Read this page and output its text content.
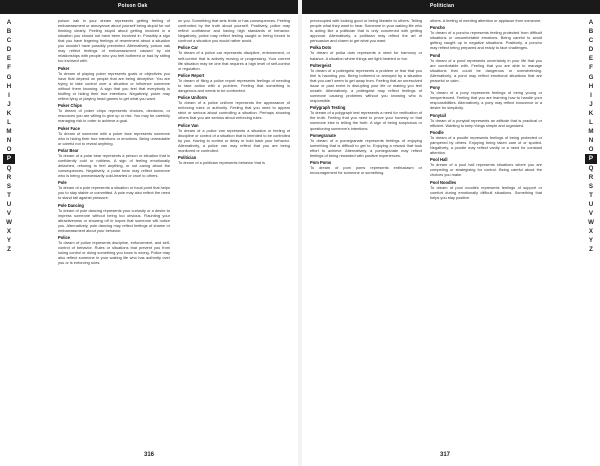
Poison Oak	Politician
A
B
C
D
E
F
G
H
I
J
K
L
M
N
O
P
Q
R
S
T
U
V
W
X
Y
Z
A
B
C
D
E
F
G
H
I
J
K
L
M
N
O
P
Q
R
S
T
U
V
W
X
Y
Z
poison oak in your dream represents getting feeling of embarrassment or annoyance about yourself being stupid for not thinking clearly. Feeling stupid about getting involved in a situation you should not have been involved in. Possibly a sign that you have lingering feelings of resentment about a situation you wouldn't have possibly prevented. Alternatively, poison oak may reflect feelings of embarrassment caused by old relationships with people who you feel bothered or bad by sitting too involved with.
Poker
To dream of playing poker represents goals or objectives you have that depend on people that are being deceptive. You are trying to take control over a situation or influence someone without them knowing. A sign that you feel that everybody is bluffing or hiding their true intentions. Negatively, poker may reflect lying or playing head games to get what you want.
Poker Chips
To dream of poker chips represents choices, decisions, or resources you are willing to give up or risk. You may be carefully managing risk in order to achieve a goal.
Poker Face
To dream of someone with a poker face represents someone who is hiding their true intentions or emotions. Being unreadable or careful not to reveal anything.
Polar Bear
To dream of a polar bear represents a person or situation that is confidently cold or ruthless. A sign of feeling emotionally detached, refusing to feel anything, or not caring about the consequences. Negatively, a polar bear may reflect someone who is being unnecessarily cold-hearted or cruel to others.
Pole
To dream of a pole represents a situation or focal point that helps you to stay stable or committed. A pole may also reflect the need to stand tall against pressure.
Pole Dancing
To dream of pole dancing represents your curiosity or a desire to impress someone without being too obvious. Flaunting your attractiveness or showing off in hopes that someone will notice you. Alternatively, pole dancing may reflect feelings of shame or embarrassment about your behavior.
Police
To dream of police represents discipline, enforcement, and self-control of behavior. Rules or situations that prevent you from losing control or doing something you know is wrong. Police may also reflect someone in your waking life who has authority over you or is enforcing rules.
on you. Something that sets limits or has consequences. Feeling confronted by the truth about yourself. Positively, police may reflect confidence and having high standards of behavior. Negatively, police may reflect feeling caught or being forced to confront a situation you would rather avoid.
Police Car
To dream of a police car represents discipline, enforcement, or self-control that is actively moving or progressing. Your current life situation may be one that requires a high level of self-control or regulation.
Police Report
To dream of filing a police report represents feelings of needing to take action with a problem. Feeling that something is dangerous and needs to be confronted.
Police Uniform
To dream of a police uniform represents the appearance of enforcing rules or authority. Feeling that you need to appear strict or serious about controlling a situation. Perhaps showing others that you are serious about enforcing rules.
Police Van
To dream of a police van represents a situation or feeling of discipline or control of a situation that is intended to be controlled by you. Having to control or delay or hold back your behavior. Alternatively, a police van may reflect that you are being monitored or controlled.
Politician
To dream of a politician represents behavior that is
preoccupied with looking good or being likeable to others. Telling people what they want to hear. Someone in your waking life who is acting like a politician that is only concerned with getting approval. Alternatively, a politician may reflect the art of persuasion and charm to get what you want.
Polka Dots
To dream of polka dots represents a need for harmony or balance. A situation where things are light hearted or fun.
Poltergeist
To dream of a poltergeist represents a problem or fear that you feel is haunting you. Being bothered or annoyed by a situation that you can't seem to get away from. Feeling that an unresolved issue or past event is disrupting your life or making you feel unsafe. Alternatively, a poltergeist may reflect feelings of someone causing problems without you knowing who is responsible.
Polygraph Testing
To dream of a polygraph test represents a need for verification of the truth. Feeling that you need to prove your honesty or that someone else is telling the truth. A sign of being suspicious or questioning someone's intentions.
Pomegranate
To dream of a pomegranate represents feelings of enjoying something that is difficult to get to. Enjoying a reward that took effort to achieve. Alternatively, a pomegranate may reflect feelings of being rewarded with positive experiences.
Pom Poms
To dream of pom poms represents enthusiasm or encouragement for someone or something.
others. A feeling of needing attention or applause from someone.
Poncho
To dream of a poncho represents feeling protected from difficult situations or uncomfortable emotions. Being careful to avoid getting caught up in negative situations. Positively, a poncho may reflect being prepared and ready to face challenges.
Pond
To dream of a pond represents uncertainty in your life that you are comfortable with. Feeling that you are able to manage situations that could be dangerous or overwhelming. Alternatively, a pond may reflect emotional situations that are peaceful or calm.
Pony
To dream of a pony represents feelings of being young or inexperienced. Feeling that you are learning how to handle your responsibilities. Alternatively, a pony may reflect innocence or a desire for simplicity.
Ponytail
To dream of a ponytail represents an attitude that is practical or efficient. Wanting to keep things simple and organized.
Poodle
To dream of a poodle represents feelings of being protected or pampered by others. Enjoying being taken care of or spoiled. Negatively, a poodle may reflect vanity or a need for constant attention.
Pool Hall
To dream of a pool hall represents situations where you are competing or strategizing for control. Being careful about the choices you make.
Pool Noodles
To dream of pool noodles represents feelings of support or comfort during emotionally difficult situations. Something that helps you stay positive.
316	317
